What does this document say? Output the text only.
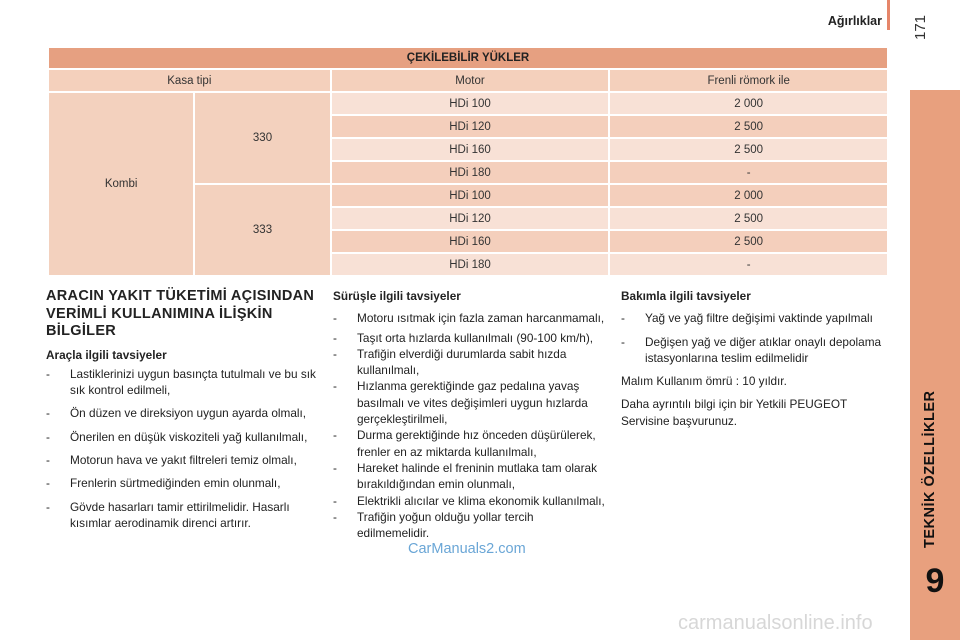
Ağırlıklar 171
TEKNİK ÖZELLİKLER
9
ÇEKİLEBİLİR YÜKLER			
Kasa tipi		Motor	Frenli römork ile
Kombi	330	HDi 100	2 000
		HDi 120	2 500
		HDi 160	2 500
		HDi 180	-
	333	HDi 100	2 000
		HDi 120	2 500
		HDi 160	2 500
		HDi 180	-
ARACIN YAKIT TÜKETİMİ AÇISINDAN VERİMLİ KULLANIMINA İLİŞKİN BİLGİLER
Araçla ilgili tavsiyeler
- Lastiklerinizi uygun basınçta tutulmalı ve bu sık sık kontrol edilmeli,
- Ön düzen ve direksiyon uygun ayarda olmalı,
- Önerilen en düşük viskoziteli yağ kullanılmalı,
- Motorun hava ve yakıt filtreleri temiz olmalı,
- Frenlerin sürtmediğinden emin olunmalı,
- Gövde hasarları tamir ettirilmelidir. Hasarlı kısımlar aerodinamik direnci artırır.
Sürüşle ilgili tavsiyeler
- Motoru ısıtmak için fazla zaman harcanmamalı,
- Taşıt orta hızlarda kullanılmalı (90-100 km/h),
- Trafiğin elverdiği durumlarda sabit hızda kullanılmalı,
- Hızlanma gerektiğinde gaz pedalına yavaş basılmalı ve vites değişimleri uygun hızlarda gerçekleştirilmeli,
- Durma gerektiğinde hız önceden düşürülerek, frenler en az miktarda kullanılmalı,
- Hareket halinde el freninin mutlaka tam olarak bırakıldığından emin olunmalı,
- Elektrikli alıcılar ve klima ekonomik kullanılmalı,
- Trafiğin yoğun olduğu yollar tercih edilmemelidir.
Bakımla ilgili tavsiyeler
- Yağ ve yağ filtre değişimi vaktinde yapılmalı
- Değişen yağ ve diğer atıklar onaylı depolama istasyonlarına teslim edilmelidir

Malım Kullanım ömrü : 10 yıldır.

Daha ayrıntılı bilgi için bir Yetkili PEUGEOT Servisine başvurunuz.

CarManuals2.com
carmanualsonline.info
